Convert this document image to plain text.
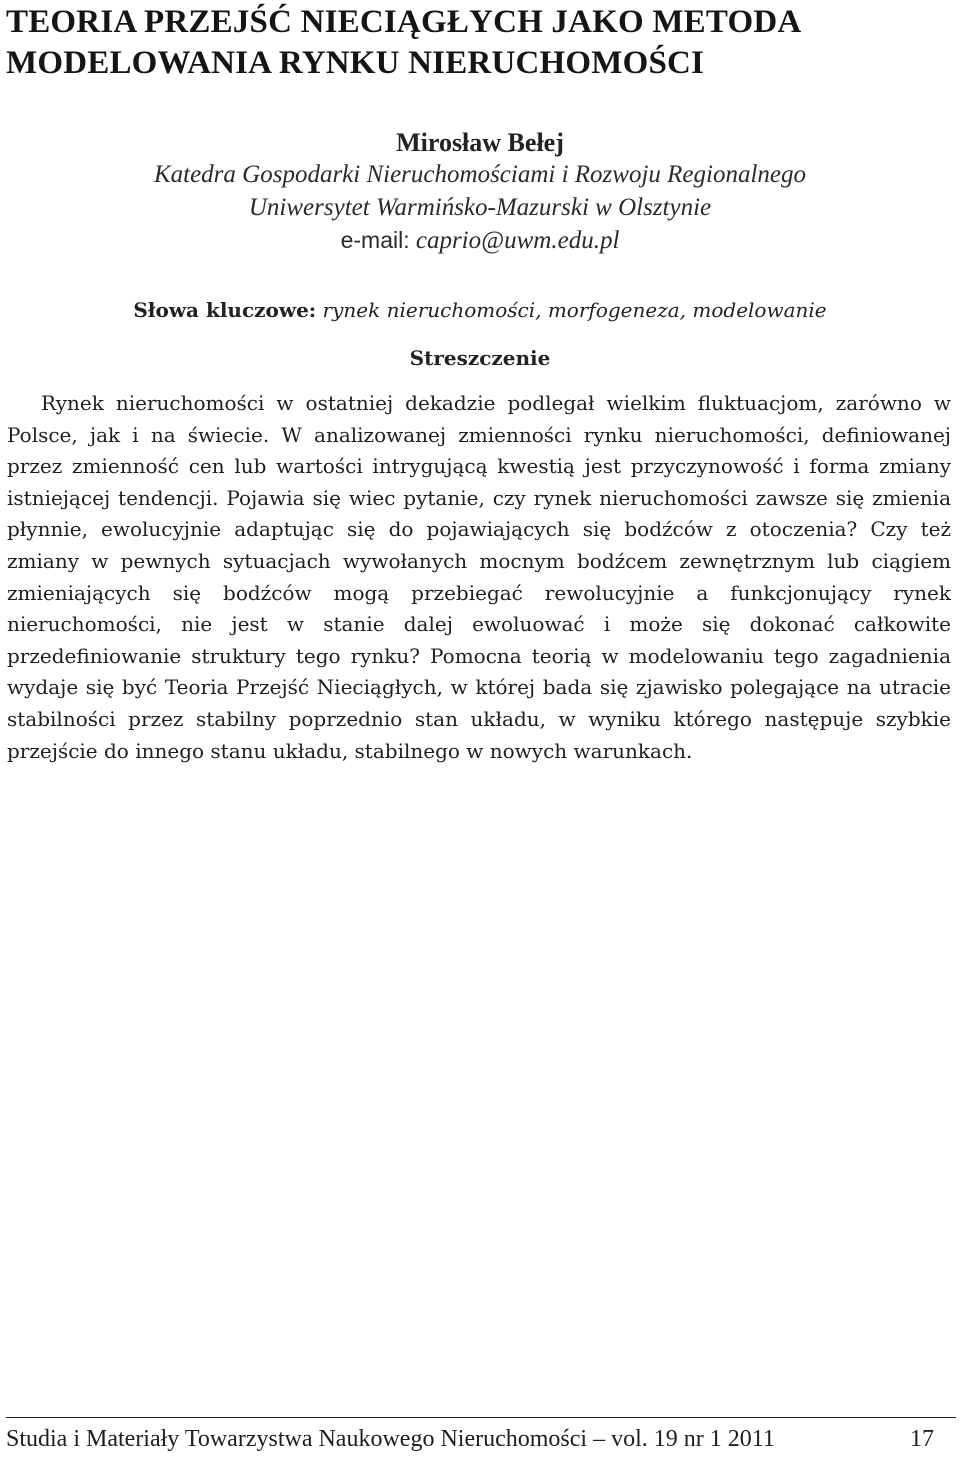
TEORIA PRZEJŚĆ NIECIĄGŁYCH JAKO METODA
MODELOWANIA RYNKU NIERUCHOMOŚCI
Mirosław Bełej
Katedra Gospodarki Nieruchomościami i Rozwoju Regionalnego
Uniwersytet Warmińsko-Mazurski w Olsztynie
e-mail: caprio@uwm.edu.pl
Słowa kluczowe: rynek nieruchomości, morfogeneza, modelowanie
Streszczenie

Rynek nieruchomości w ostatniej dekadzie podlegał wielkim fluktuacjom, zarówno w Polsce, jak i na świecie. W analizowanej zmienności rynku nieruchomości, definiowanej przez zmienność cen lub wartości intrygującą kwestią jest przyczynowość i forma zmiany istniejącej tendencji. Pojawia się wiec pytanie, czy rynek nieruchomości zawsze się zmienia płynnie, ewolucyjnie adaptując się do pojawiających się bodźców z otoczenia? Czy też zmiany w pewnych sytuacjach wywołanych mocnym bodźcem zewnętrznym lub ciągiem zmieniających się bodźców mogą przebiegać rewolucyjnie a funkcjonujący rynek nieruchomości, nie jest w stanie dalej ewoluować i może się dokonać całkowite przedefiniowanie struktury tego rynku? Pomocna teorią w modelowaniu tego zagadnienia wydaje się być Teoria Przejść Nieciągłych, w której bada się zjawisko polegające na utracie stabilności przez stabilny poprzednio stan układu, w wyniku którego następuje szybkie przejście do innego stanu układu, stabilnego w nowych warunkach.

Studia i Materiały Towarzystwa Naukowego Nieruchomości – vol. 19 nr 1 2011	17
